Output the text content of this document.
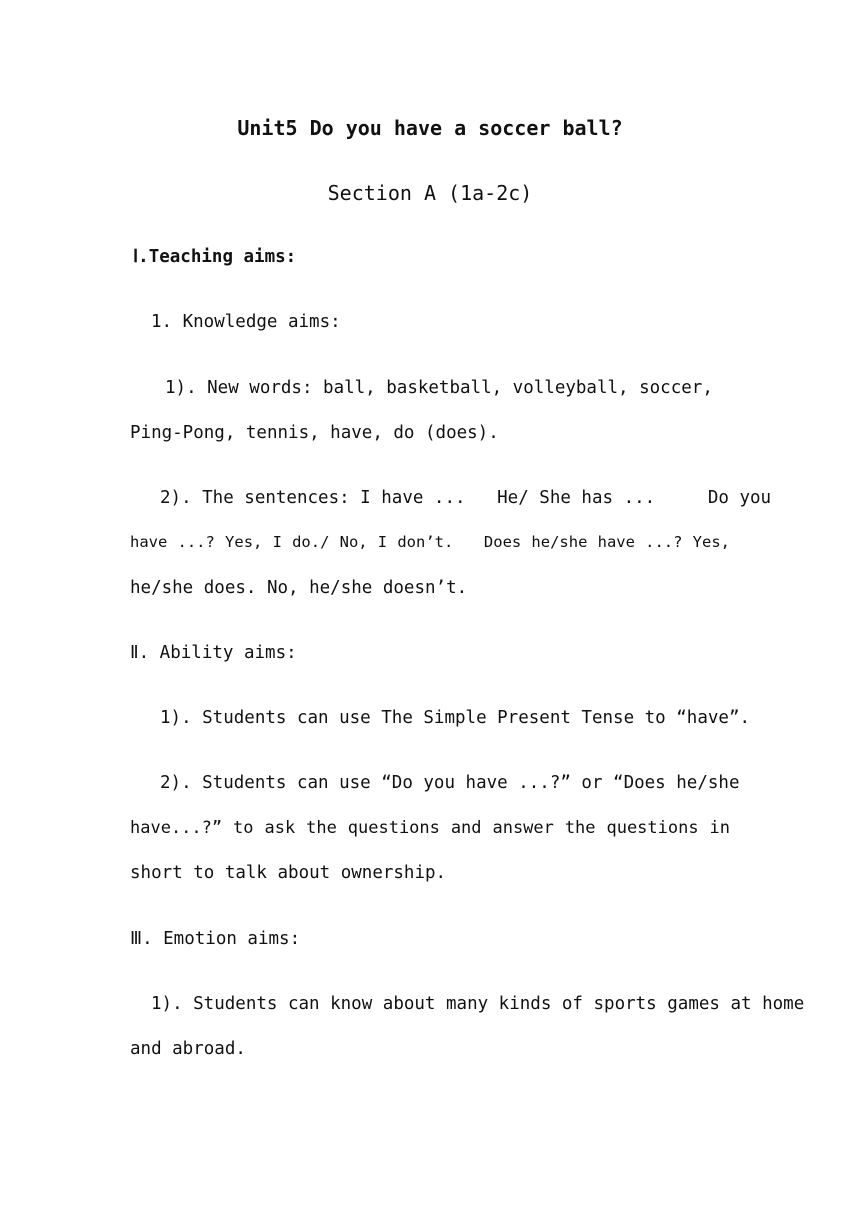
Unit5 Do you have a soccer ball?
Section A (1a-2c)
Ⅰ.Teaching aims:
1. Knowledge aims:
1). New words: ball, basketball, volleyball, soccer,
Ping-Pong, tennis, have, do (does).
2). The sentences: I have ...   He/ She has ...     Do you
have ...? Yes, I do./ No, I don’t.   Does he/she have ...? Yes,
he/she does. No, he/she doesn’t.
Ⅱ. Ability aims:
1). Students can use The Simple Present Tense to “have”.
2). Students can use “Do you have ...?” or “Does he/she
have...?” to ask the questions and answer the questions in
short to talk about ownership.
Ⅲ. Emotion aims:
1). Students can know about many kinds of sports games at home
and abroad.
